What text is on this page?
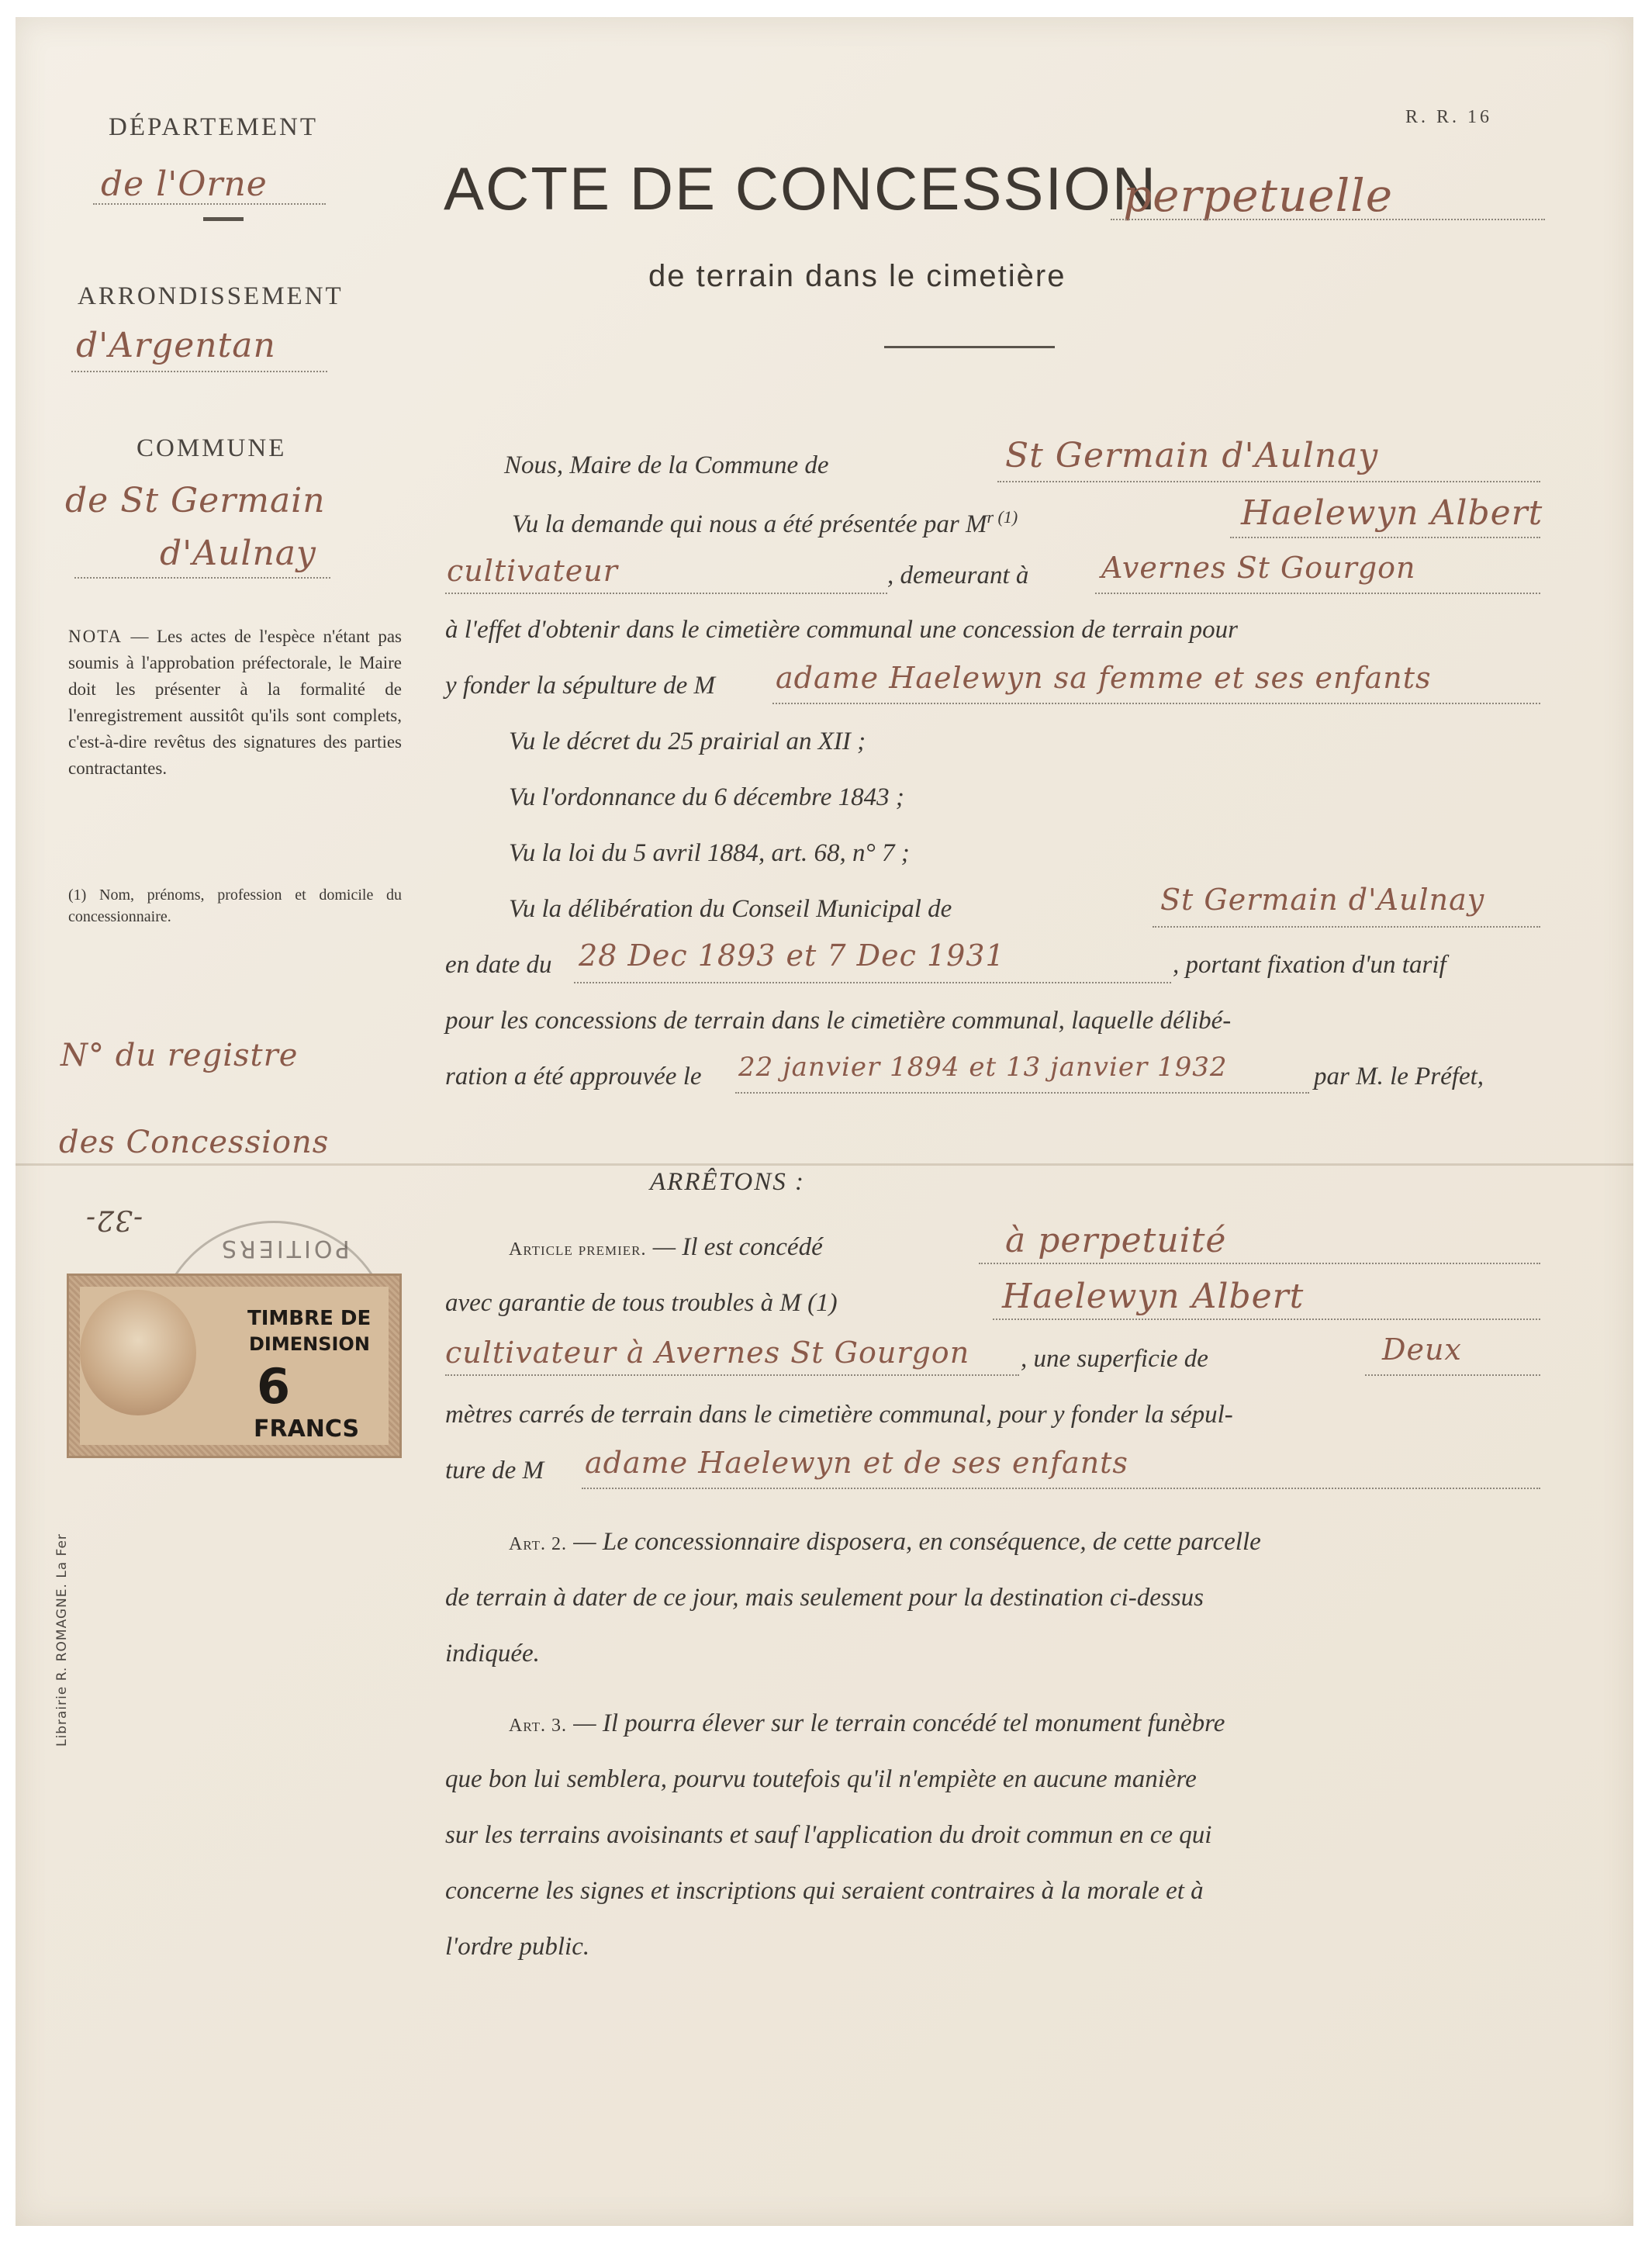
R. R. 16
DÉPARTEMENT
de l'Orne
ARRONDISSEMENT
d'Argentan
COMMUNE
de St Germain
d'Aulnay
NOTA — Les actes de l'espèce n'étant pas soumis à l'approbation préfectorale, le Maire doit les présenter à la formalité de l'enregistrement aussitôt qu'ils sont complets, c'est-à-dire revêtus des signatures des parties contractantes.
(1) Nom, prénoms, profession et domicile du concessionnaire.
N° du registre
des Concessions
-32-
POITIERS
TIMBRE DE
DIMENSION
6
FRANCS
Librairie R. ROMAGNE. La Fer
ACTE DE CONCESSION
perpetuelle
de terrain dans le cimetière
Nous, Maire de la Commune de	St Germain d'Aulnay
Vu la demande qui nous a été présentée par $M^{r (1)}$	Haelewyn Albert
cultivateur	, demeurant à Avernes St Gourgon
à l'effet d'obtenir dans le cimetière communal une concession de terrain pour
y fonder la sépulture de M adame Haelewyn sa femme et ses enfants
Vu le décret du 25 prairial an XII ;
Vu l'ordonnance du 6 décembre 1843 ;
Vu la loi du 5 avril 1884, art. 68, n° 7 ;
Vu la délibération du Conseil Municipal de	St Germain d'Aulnay
en date du 28 Dec 1893 et 7 Dec 1931	, portant fixation d'un tarif
pour les concessions de terrain dans le cimetière communal, laquelle délibé-
ration a été approuvée le 22 janvier 1894 et 13 janvier 1932	par M. le Préfet,
ARRÊTONS :
Article premier. — Il est concédé	à perpetuité
avec garantie de tous troubles à M (1)	Haelewyn Albert
cultivateur à Avernes St Gourgon , une superficie de	Deux
mètres carrés de terrain dans le cimetière communal, pour y fonder la sépul-
ture de M adame Haelewyn et de ses enfants
Art. 2. — Le concessionnaire disposera, en conséquence, de cette parcelle
de terrain à dater de ce jour, mais seulement pour la destination ci-dessus
indiquée.
Art. 3. — Il pourra élever sur le terrain concédé tel monument funèbre
que bon lui semblera, pourvu toutefois qu'il n'empiète en aucune manière
sur les terrains avoisinants et sauf l'application du droit commun en ce qui
concerne les signes et inscriptions qui seraient contraires à la morale et à
l'ordre public.
